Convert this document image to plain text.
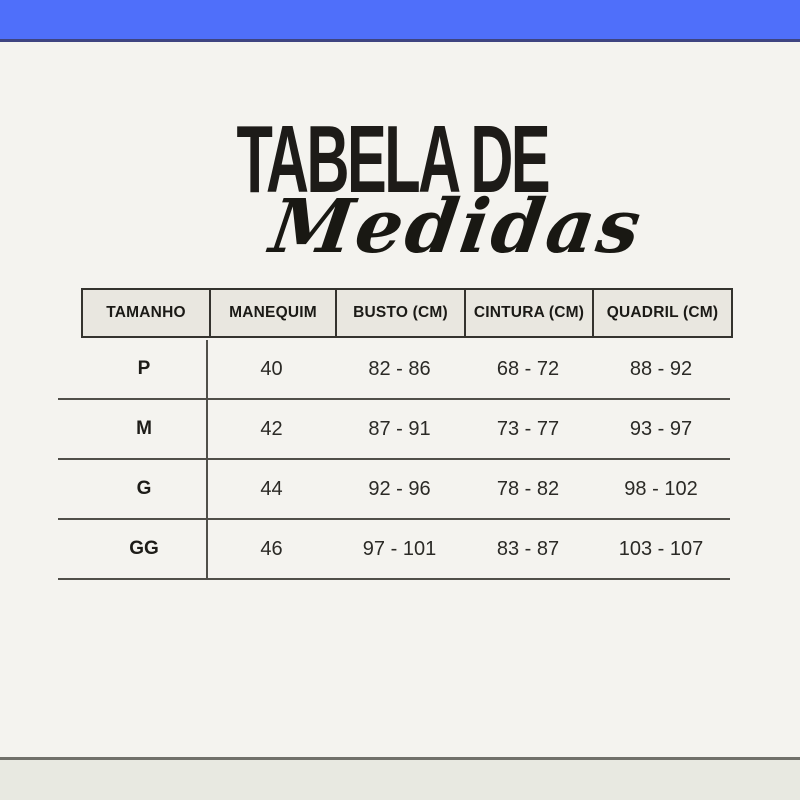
TABELA DE
Medidas
TAMANHO	MANEQUIM	BUSTO (CM)	CINTURA (CM)	QUADRIL (CM)
P	40	82 - 86	68 - 72	88 - 92
M	42	87 - 91	73 - 77	93 - 97
G	44	92 - 96	78 - 82	98 - 102
GG	46	97 - 101	83 - 87	103 - 107
